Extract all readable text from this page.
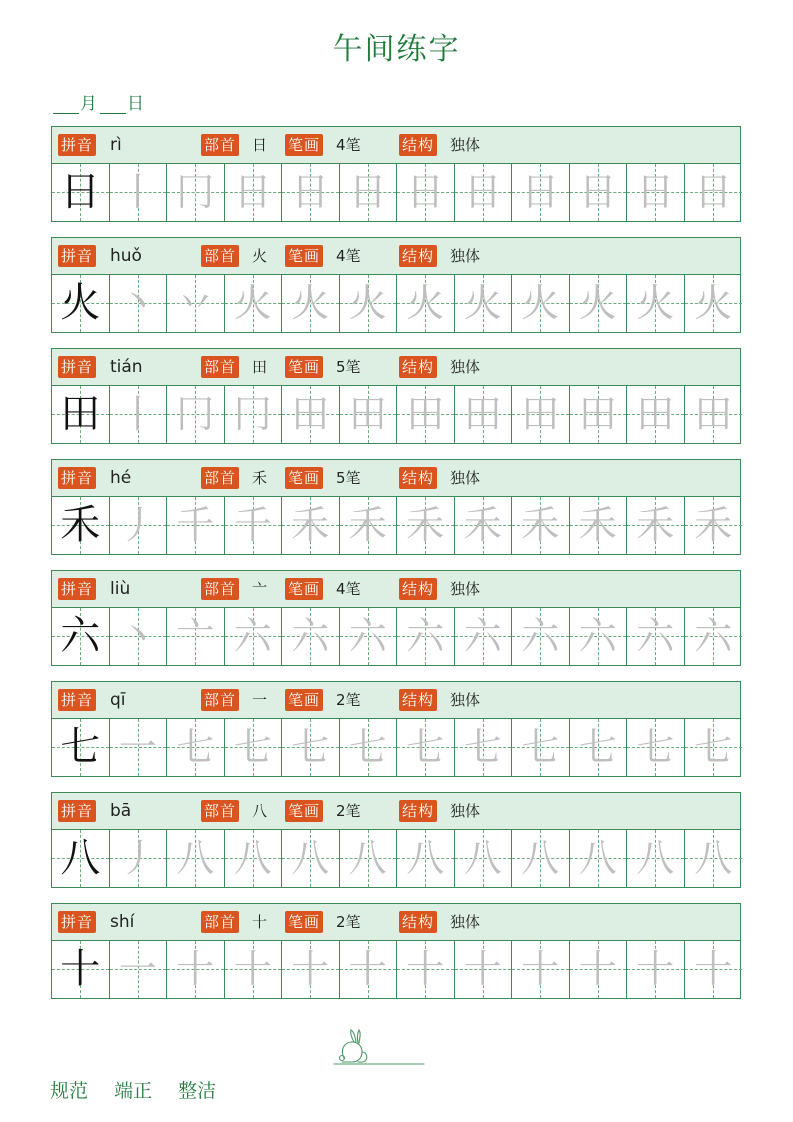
午间练字
月 日
拼音 rì	部首 日 笔画 4笔	结构 独体
日 丨 冂 日 日 日 日 日 日 日 日 日
拼音 huǒ	部首 火 笔画 4笔	结构 独体
火 丶 丷 火 火 火 火 火 火 火 火 火
拼音 tián	部首 田 笔画 5笔	结构 独体
田 丨 冂 冂 田 田 田 田 田 田 田 田
拼音 hé	部首 禾 笔画 5笔	结构 独体
禾 丿 千 千 禾 禾 禾 禾 禾 禾 禾 禾
拼音 liù	部首 亠 笔画 4笔	结构 独体
六 丶 亠 六 六 六 六 六 六 六 六 六
拼音 qī	部首 一 笔画 2笔	结构 独体
七 一 七 七 七 七 七 七 七 七 七 七
拼音 bā	部首 八 笔画 2笔	结构 独体
八 丿 八 八 八 八 八 八 八 八 八 八
拼音 shí	部首 十 笔画 2笔	结构 独体
十 一 十 十 十 十 十 十 十 十 十 十
规范 端正 整洁
